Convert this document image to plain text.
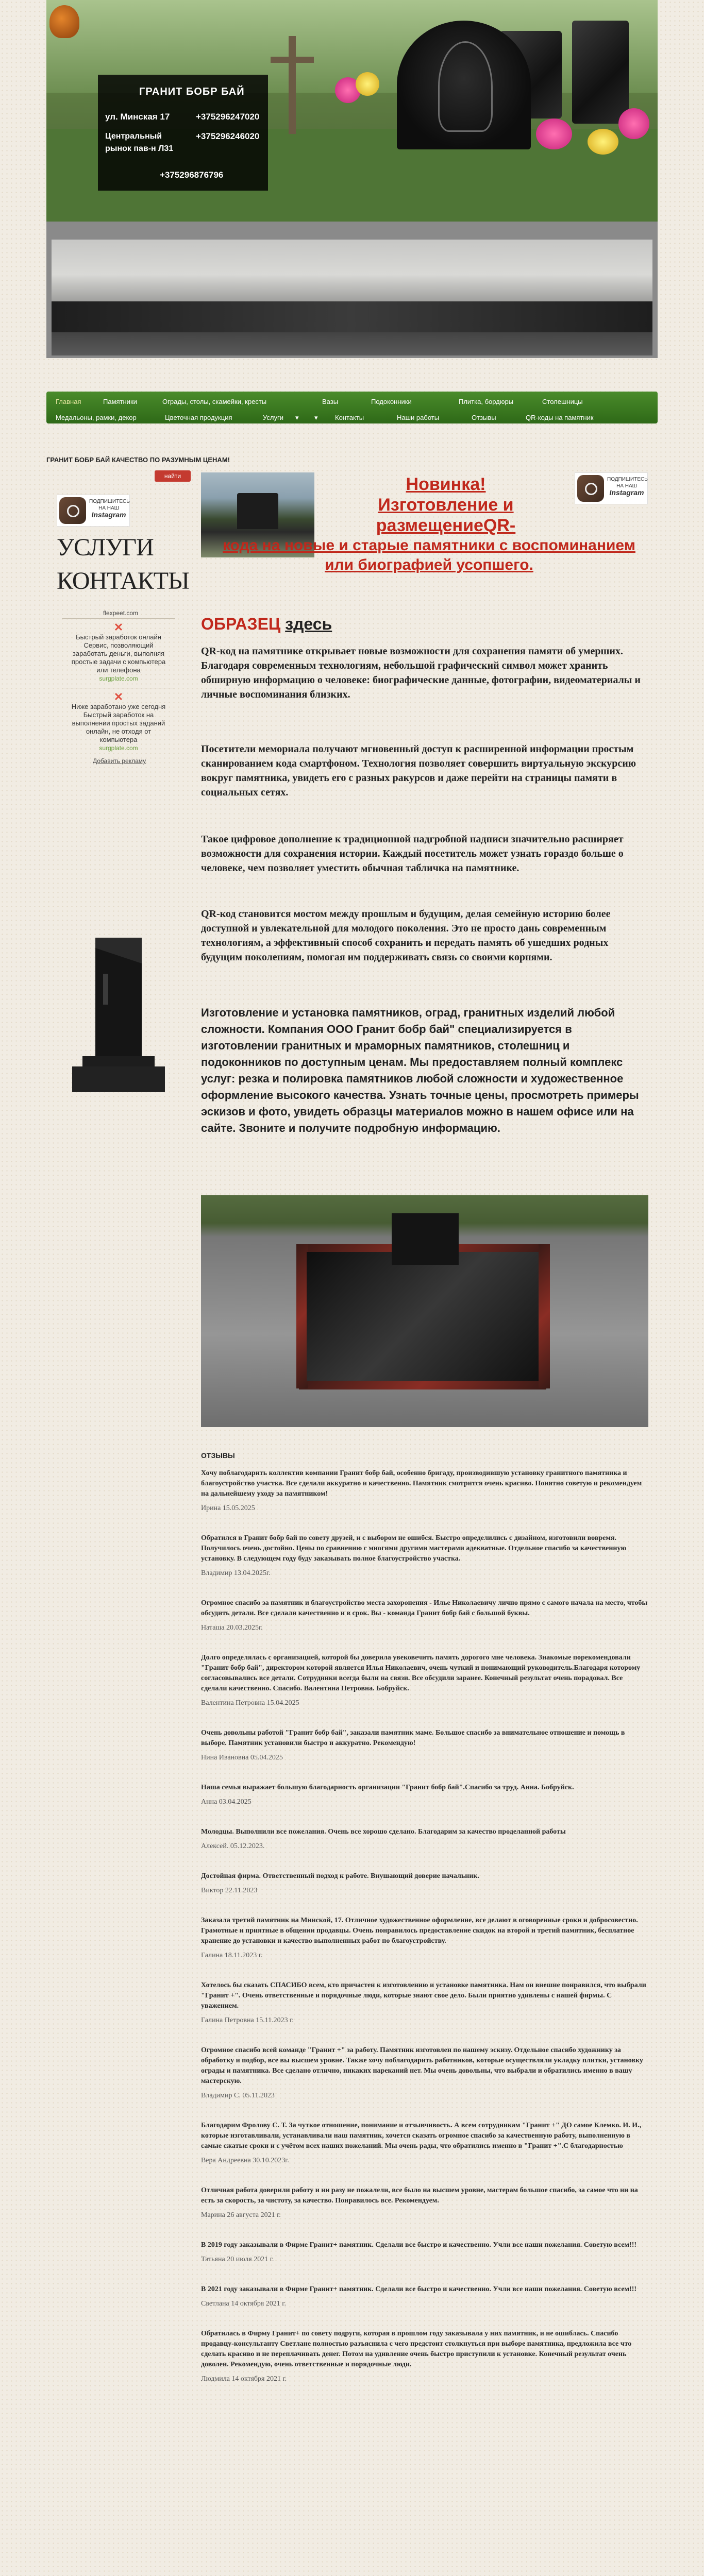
ГРАНИТ БОБР БАЙ
ул. Минская 17
Центральный рынок пав-н Л31
+375296247020
+375296246020
+375296876796
Главная	Памятники	Ограды, столы, скамейки, кресты	Вазы	Подоконники	Плитка, бордюры	Столешницы
Медальоны, рамки, декор	Цветочная продукция	Услуги ▾ ▾	Контакты	Наши работы	Отзывы	QR-коды на памятник
ГРАНИТ БОБР БАЙ КАЧЕСТВО ПО РАЗУМНЫМ ЦЕНАМ!
найти
ПОДПИШИТЕСЬ НА НАШ
Instagram
УСЛУГИ
КОНТАКТЫ
flexpeet.com
✕
Быстрый заработок онлайн Сервис, позволяющий заработать деньги, выполняя простые задачи с компьютера или телефона
surgplate.com
✕
Ниже заработано уже сегодня Быстрый заработок на выполнении простых заданий онлайн, не отходя от компьютера
surgplate.com
Добавить рекламу
ПОДПИШИТЕСЬ НА НАШ
Instagram
Новинка!
Изготовление и размещениеQR-
кода на новые и старые памятники с воспоминанием или биографией усопшего.
ОБРАЗЕЦ здесь
QR-код на памятнике открывает новые возможности для сохранения памяти об умерших. Благодаря современным технологиям, небольшой графический символ может хранить обширную информацию о человеке: биографические данные, фотографии, видеоматериалы и личные воспоминания близких.
Посетители мемориала получают мгновенный доступ к расширенной информации простым сканированием кода смартфоном. Технология позволяет совершить виртуальную экскурсию вокруг памятника, увидеть его с разных ракурсов и даже перейти на страницы памяти в социальных сетях.
Такое цифровое дополнение к традиционной надгробной надписи значительно расширяет возможности для сохранения истории. Каждый посетитель может узнать гораздо больше о человеке, чем позволяет уместить обычная табличка на памятнике.
QR-код становится мостом между прошлым и будущим, делая семейную историю более доступной и увлекательной для молодого поколения. Это не просто дань современным технологиям, а эффективный способ сохранить и передать память об ушедших родных будущим поколениям, помогая им поддерживать связь со своими корнями.
Изготовление и установка памятников, оград, гранитных изделий любой сложности. Компания ООО Гранит бобр бай" специализируется в изготовлении гранитных и мраморных памятников, столешниц и подоконников по доступным ценам. Мы предоставляем полный комплекс услуг: резка и полировка памятников любой сложности и художественное оформление высокого качества. Узнать точные цены, просмотреть примеры эскизов и фото, увидеть образцы материалов можно в нашем офисе или на сайте. Звоните и получите подробную информацию.
ОТЗЫВЫ
Хочу поблагодарить коллектив компании Гранит бобр бай, особенно бригаду, производившую установку гранитного памятника и благоустройство участка. Все сделали аккуратно и качественно. Памятник смотрится очень красиво. Понятно советую и рекомендуем на дальнейшему уходу за памятником!
Ирина 15.05.2025
Обратился в Гранит бобр бай по совету друзей, и с выбором не ошибся. Быстро определились с дизайном, изготовили вовремя. Получилось очень достойно. Цены по сравнению с многими другими мастерами адекватные. Отдельное спасибо за качественную установку. В следующем году буду заказывать полное благоустройство участка.
Владимир 13.04.2025г.
Огромное спасибо за памятник и благоустройство места захоронения - Илье Николаевичу лично прямо с самого начала на место, чтобы обсудить детали. Все сделали качественно и в срок. Вы - команда Гранит бобр бай с большой буквы.
Наташа 20.03.2025г.
Долго определялась с организацией, которой бы доверила увековечить память дорогого мне человека. Знакомые порекомендовали "Гранит бобр бай", директором которой является Илья Николаевич, очень чуткий и понимающий руководитель.Благодаря которому согласовывались все детали. Сотрудники всегда были на связи. Все обсудили заранее. Конечный результат очень порадовал. Все сделали качественно. Спасибо. Валентина Петровна. Бобруйск.
Валентина Петровна 15.04.2025
Очень довольны работой "Гранит бобр бай", заказали памятник маме. Большое спасибо за внимательное отношение и помощь в выборе. Памятник установили быстро и аккуратно. Рекомендую!
Нина Ивановна 05.04.2025
Наша семья выражает большую благодарность организации "Гранит бобр бай".Спасибо за труд. Анна. Бобруйск.
Анна 03.04.2025
Молодцы. Выполнили все пожелания. Очень все хорошо сделано. Благодарим за качество проделанной работы
Алексей. 05.12.2023.
Достойная фирма. Ответственный подход к работе. Внушающий доверие начальник.
Виктор 22.11.2023
Заказала третий памятник на Минской, 17. Отличное художественное оформление, все делают в оговоренные сроки и добросовестно. Грамотные и приятные в общении продавцы. Очень понравилось предоставление скидок на второй и третий памятник, бесплатное хранение до установки и качество выполненных работ по благоустройству.
Галина 18.11.2023 г.
Хотелось бы сказать СПАСИБО всем, кто причастен к изготовлению и установке памятника. Нам он внешне понравился, что выбрали "Гранит +". Очень ответственные и порядочные люди, которые знают свое дело. Были приятно удивлены с нашей фирмы. С уважением.
Галина Петровна 15.11.2023 г.
Огромное спасибо всей команде "Гранит +" за работу. Памятник изготовлен по нашему эскизу. Отдельное спасибо художнику за обработку и подбор, все вы высшем уровне. Также хочу поблагодарить работников, которые осуществляли укладку плитки, установку ограды и памятника. Все сделано отлично, никаких нареканий нет. Мы очень довольны, что выбрали и обратились именно в вашу мастерскую.
Владимир С. 05.11.2023
Благодарим Фролову С. Т. За чуткое отношение, понимание и отзывчивость. А всем сотрудникам "Гранит +" ДО самое Клемко. И. И., которые изготавливали, устанавливали наш памятник, хочется сказать огромное спасибо за качественную работу, выполненную в самые сжатые сроки и с учётом всех наших пожеланий. Мы очень рады, что обратились именно в "Гранит +".С благодарностью
Вера Андреевна 30.10.2023г.
Отличная работа доверили работу и ни разу не пожалели, все было на высшем уровне, мастерам большое спасибо, за самое что ни на есть за скорость, за чистоту, за качество. Понравилось все. Рекомендуем.
Марина 26 августа 2021 г.
В 2019 году заказывали в Фирме Гранит+ памятник. Сделали все быстро и качественно. Учли все наши пожелания. Советую всем!!!
Татьяна 20 июля 2021 г.
В 2021 году заказывали в Фирме Гранит+ памятник. Сделали все быстро и качественно. Учли все наши пожелания. Советую всем!!!
Светлана 14 октября 2021 г.
Обратилась в Фирму Гранит+ по совету подруги, которая в прошлом году заказывала у них памятник, и не ошиблась. Спасибо продавцу-консультанту Светлане полностью разъяснила с чего предстоит столкнуться при выборе памятника, предложила все что сделать красиво и не переплачивать денег. Потом на удивление очень быстро приступили к установке. Конечный результат очень доволен. Рекомендую, очень ответственные и порядочные люди.
Людмила 14 октября 2021 г.
